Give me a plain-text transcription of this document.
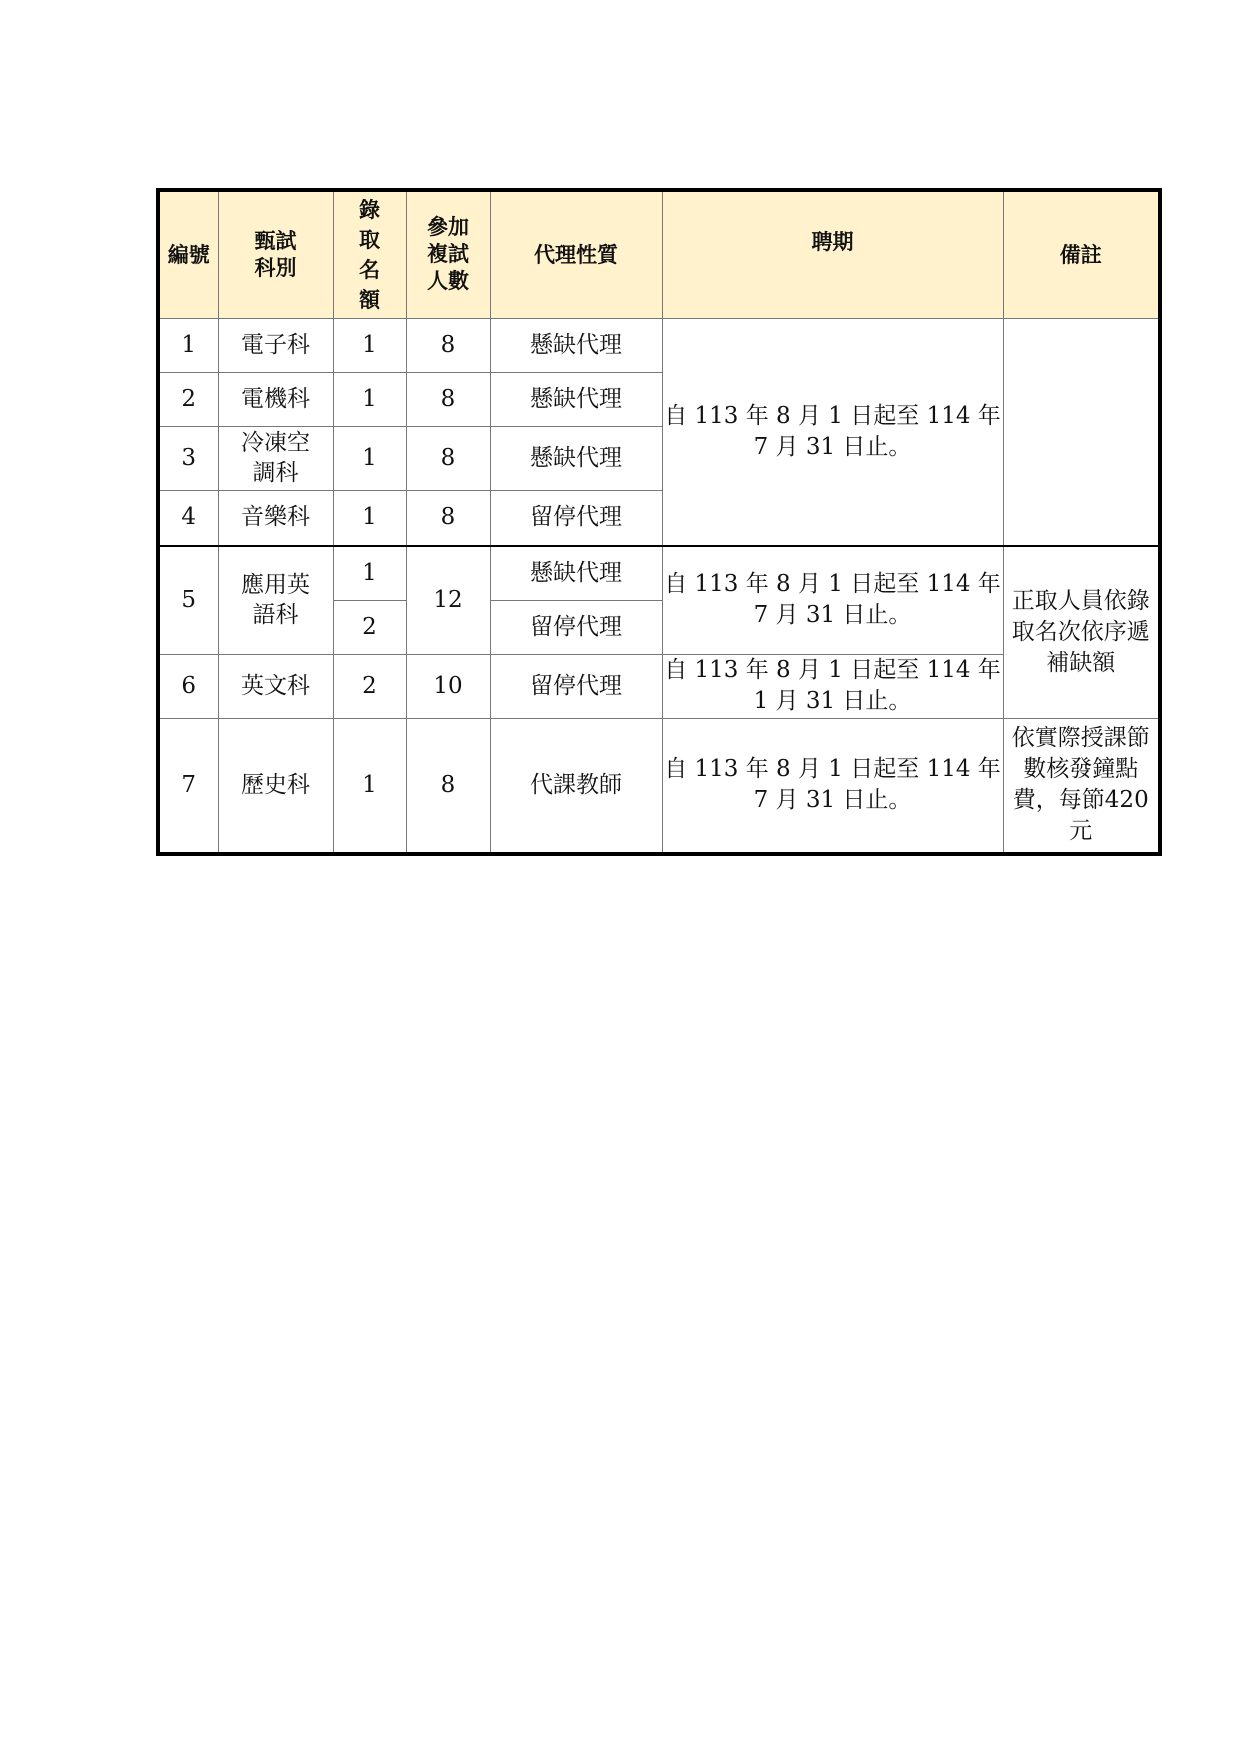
編號	甄試科別	錄取名額	參加複試人數	代理性質	聘期	備註
1	電子科	1	8	懸缺代理	自 113 年 8 月 1 日起至 114 年 7 月 31 日止。	
2	電機科	1	8	懸缺代理		
3	冷凍空調科	1	8	懸缺代理		
4	音樂科	1	8	留停代理		
5	應用英語科	1	12	懸缺代理	自 113 年 8 月 1 日起至 114 年 7 月 31 日止。	正取人員依錄取名次依序遞補缺額
		2		留停代理		
6	英文科	2	10	留停代理	自 113 年 8 月 1 日起至 114 年 1 月 31 日止。	
7	歷史科	1	8	代課教師	自 113 年 8 月 1 日起至 114 年 7 月 31 日止。	依實際授課節數核發鐘點費，每節420 元
